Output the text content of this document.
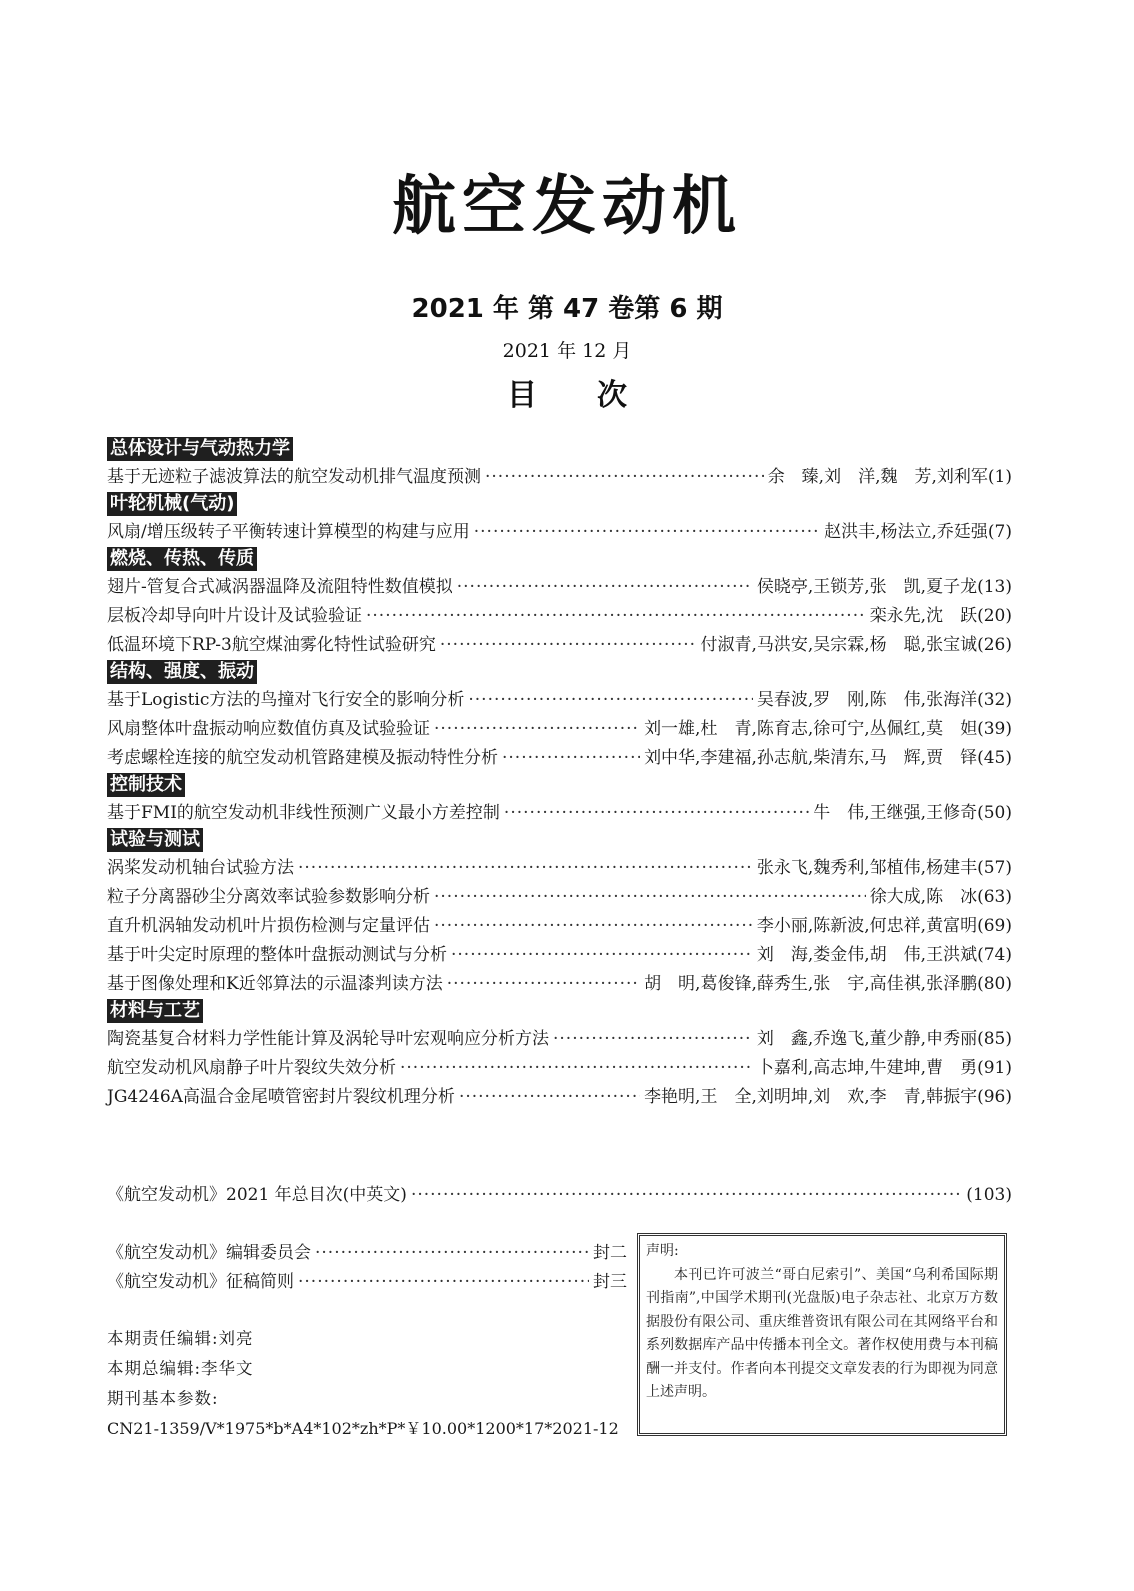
航空发动机
2021 年 第 47 卷第 6 期
2021 年 12 月
目次
总体设计与气动热力学
基于无迹粒子滤波算法的航空发动机排气温度预测 ·····	余　臻,刘　洋,魏　芳,刘利军(1)
叶轮机械(气动)
风扇/增压级转子平衡转速计算模型的构建与应用 ·····	赵洪丰,杨法立,乔廷强(7)
燃烧、传热、传质
翅片-管复合式减涡器温降及流阻特性数值模拟 ·····	侯晓亭,王锁芳,张　凯,夏子龙(13)
层板冷却导向叶片设计及试验验证 ·····	栾永先,沈　跃(20)
低温环境下RP-3航空煤油雾化特性试验研究 ·····	付淑青,马洪安,吴宗霖,杨　聪,张宝诚(26)
结构、强度、振动
基于Logistic方法的鸟撞对飞行安全的影响分析 ·····	吴春波,罗　刚,陈　伟,张海洋(32)
风扇整体叶盘振动响应数值仿真及试验验证 ·····	刘一雄,杜　青,陈育志,徐可宁,丛佩红,莫　妲(39)
考虑螺栓连接的航空发动机管路建模及振动特性分析 ·····	刘中华,李建福,孙志航,柴清东,马　辉,贾　铎(45)
控制技术
基于FMI的航空发动机非线性预测广义最小方差控制 ·····	牛　伟,王继强,王修奇(50)
试验与测试
涡桨发动机轴台试验方法 ·····	张永飞,魏秀利,邹植伟,杨建丰(57)
粒子分离器砂尘分离效率试验参数影响分析 ·····	徐大成,陈　冰(63)
直升机涡轴发动机叶片损伤检测与定量评估 ·····	李小丽,陈新波,何忠祥,黄富明(69)
基于叶尖定时原理的整体叶盘振动测试与分析 ·····	刘　海,娄金伟,胡　伟,王洪斌(74)
基于图像处理和K近邻算法的示温漆判读方法 ·····	胡　明,葛俊锋,薛秀生,张　宇,高佳祺,张泽鹏(80)
材料与工艺
陶瓷基复合材料力学性能计算及涡轮导叶宏观响应分析方法 ·····	刘　鑫,乔逸飞,董少静,申秀丽(85)
航空发动机风扇静子叶片裂纹失效分析 ·····	卜嘉利,高志坤,牛建坤,曹　勇(91)
JG4246A高温合金尾喷管密封片裂纹机理分析 ·····	李艳明,王　全,刘明坤,刘　欢,李　青,韩振宇(96)
《航空发动机》2021 年总目次(中英文) ·····	(103)
《航空发动机》编辑委员会 ·····	封二
《航空发动机》征稿简则 ·····	封三
本期责任编辑:刘亮
本期总编辑:李华文
期刊基本参数:
CN21-1359/V*1975*b*A4*102*zh*P*￥10.00*1200*17*2021-12
声明:
本刊已许可波兰“哥白尼索引”、美国“乌利希国际期刊指南”,中国学术期刊(光盘版)电子杂志社、北京万方数据股份有限公司、重庆维普资讯有限公司在其网络平台和系列数据库产品中传播本刊全文。著作权使用费与本刊稿酬一并支付。作者向本刊提交文章发表的行为即视为同意上述声明。
